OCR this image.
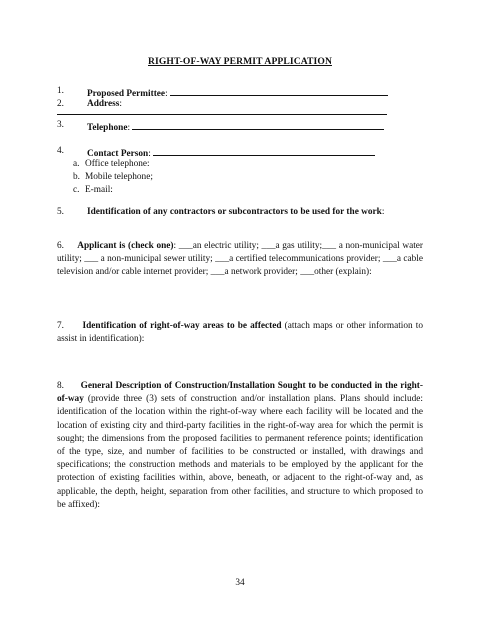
RIGHT-OF-WAY PERMIT APPLICATION
1. Proposed Permittee:
2. Address:
3. Telephone:
4. Contact Person:
a. Office telephone:
b. Mobile telephone;
c. E-mail:
5. Identification of any contractors or subcontractors to be used for the work:
6. Applicant is (check one): ___an electric utility; ___a gas utility;___ a non-municipal water utility; ___ a non-municipal sewer utility; ___a certified telecommunications provider; ___a cable television and/or cable internet provider; ___a network provider; ___other (explain):
7. Identification of right-of-way areas to be affected (attach maps or other information to assist in identification):
8. General Description of Construction/Installation Sought to be conducted in the right-of-way (provide three (3) sets of construction and/or installation plans. Plans should include: identification of the location within the right-of-way where each facility will be located and the location of existing city and third-party facilities in the right-of-way area for which the permit is sought; the dimensions from the proposed facilities to permanent reference points; identification of the type, size, and number of facilities to be constructed or installed, with drawings and specifications; the construction methods and materials to be employed by the applicant for the protection of existing facilities within, above, beneath, or adjacent to the right-of-way and, as applicable, the depth, height, separation from other facilities, and structure to which proposed to be affixed):
34
